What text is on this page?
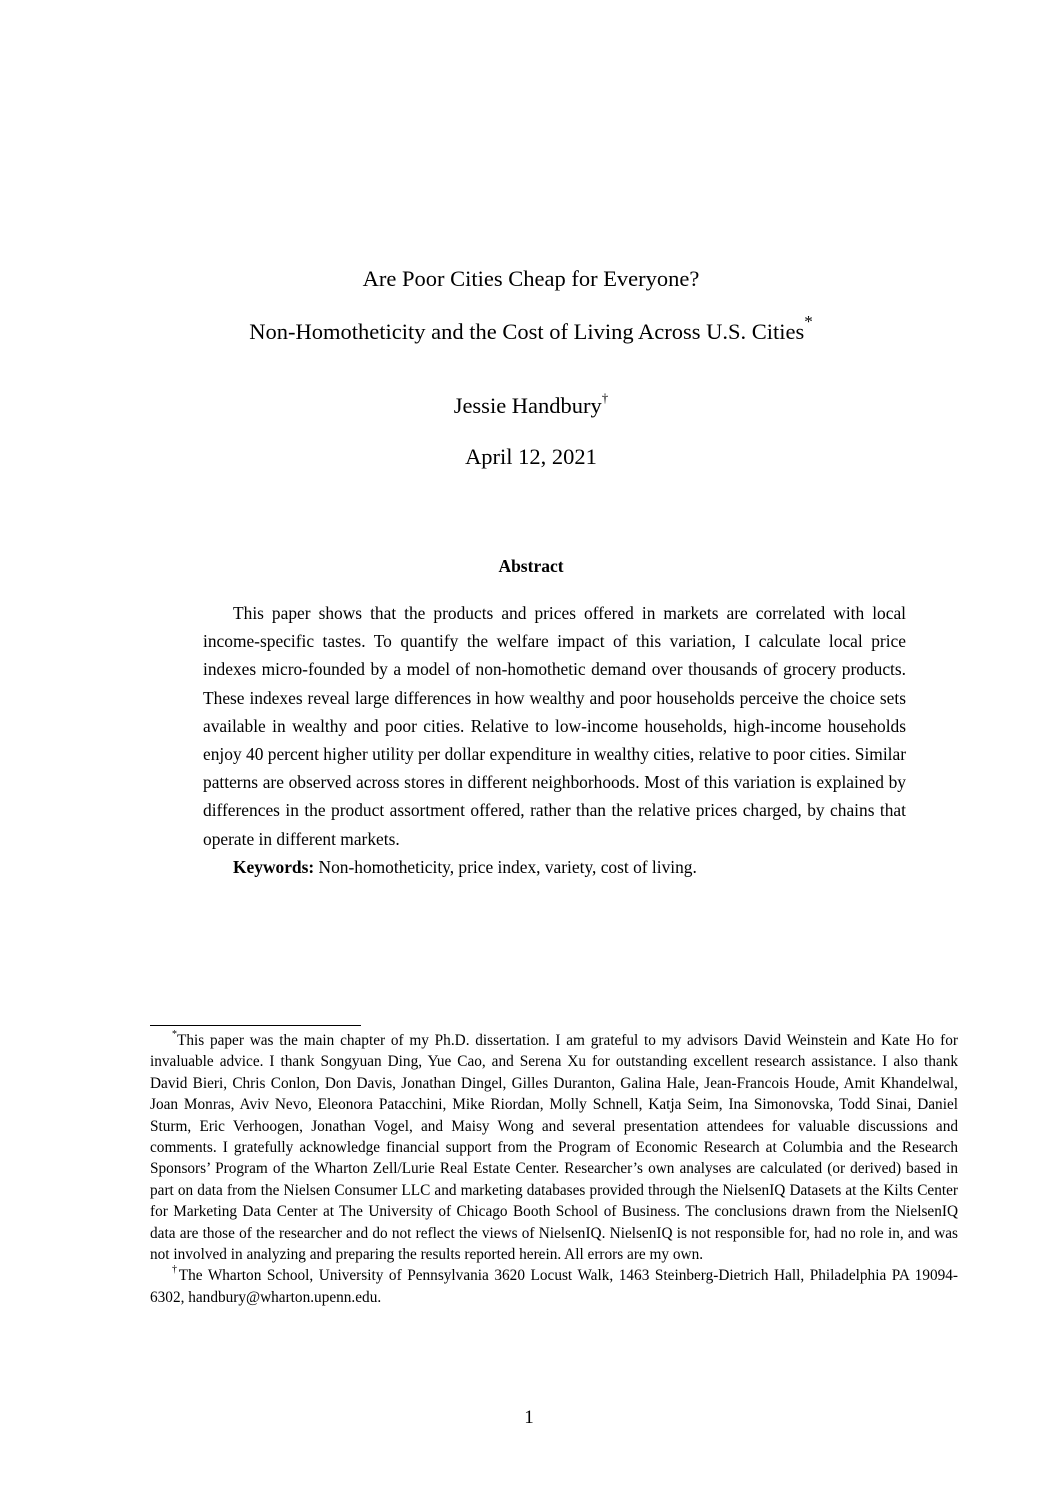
Are Poor Cities Cheap for Everyone?
Non-Homotheticity and the Cost of Living Across U.S. Cities*
Jessie Handbury†
April 12, 2021
Abstract

This paper shows that the products and prices offered in markets are correlated with local income-specific tastes. To quantify the welfare impact of this variation, I calculate local price indexes micro-founded by a model of non-homothetic demand over thousands of grocery products. These indexes reveal large differences in how wealthy and poor households perceive the choice sets available in wealthy and poor cities. Relative to low-income households, high-income households enjoy 40 percent higher utility per dollar expenditure in wealthy cities, relative to poor cities. Similar patterns are observed across stores in different neighborhoods. Most of this variation is explained by differences in the product assortment offered, rather than the relative prices charged, by chains that operate in different markets.

Keywords: Non-homotheticity, price index, variety, cost of living.

*This paper was the main chapter of my Ph.D. dissertation. I am grateful to my advisors David Weinstein and Kate Ho for invaluable advice. I thank Songyuan Ding, Yue Cao, and Serena Xu for outstanding excellent research assistance. I also thank David Bieri, Chris Conlon, Don Davis, Jonathan Dingel, Gilles Duranton, Galina Hale, Jean-Francois Houde, Amit Khandelwal, Joan Monras, Aviv Nevo, Eleonora Patacchini, Mike Riordan, Molly Schnell, Katja Seim, Ina Simonovska, Todd Sinai, Daniel Sturm, Eric Verhoogen, Jonathan Vogel, and Maisy Wong and several presentation attendees for valuable discussions and comments. I gratefully acknowledge financial support from the Program of Economic Research at Columbia and the Research Sponsors’ Program of the Wharton Zell/Lurie Real Estate Center. Researcher’s own analyses are calculated (or derived) based in part on data from the Nielsen Consumer LLC and marketing databases provided through the NielsenIQ Datasets at the Kilts Center for Marketing Data Center at The University of Chicago Booth School of Business. The conclusions drawn from the NielsenIQ data are those of the researcher and do not reflect the views of NielsenIQ. NielsenIQ is not responsible for, had no role in, and was not involved in analyzing and preparing the results reported herein. All errors are my own.

†The Wharton School, University of Pennsylvania 3620 Locust Walk, 1463 Steinberg-Dietrich Hall, Philadelphia PA 19094-6302, handbury@wharton.upenn.edu.

1
